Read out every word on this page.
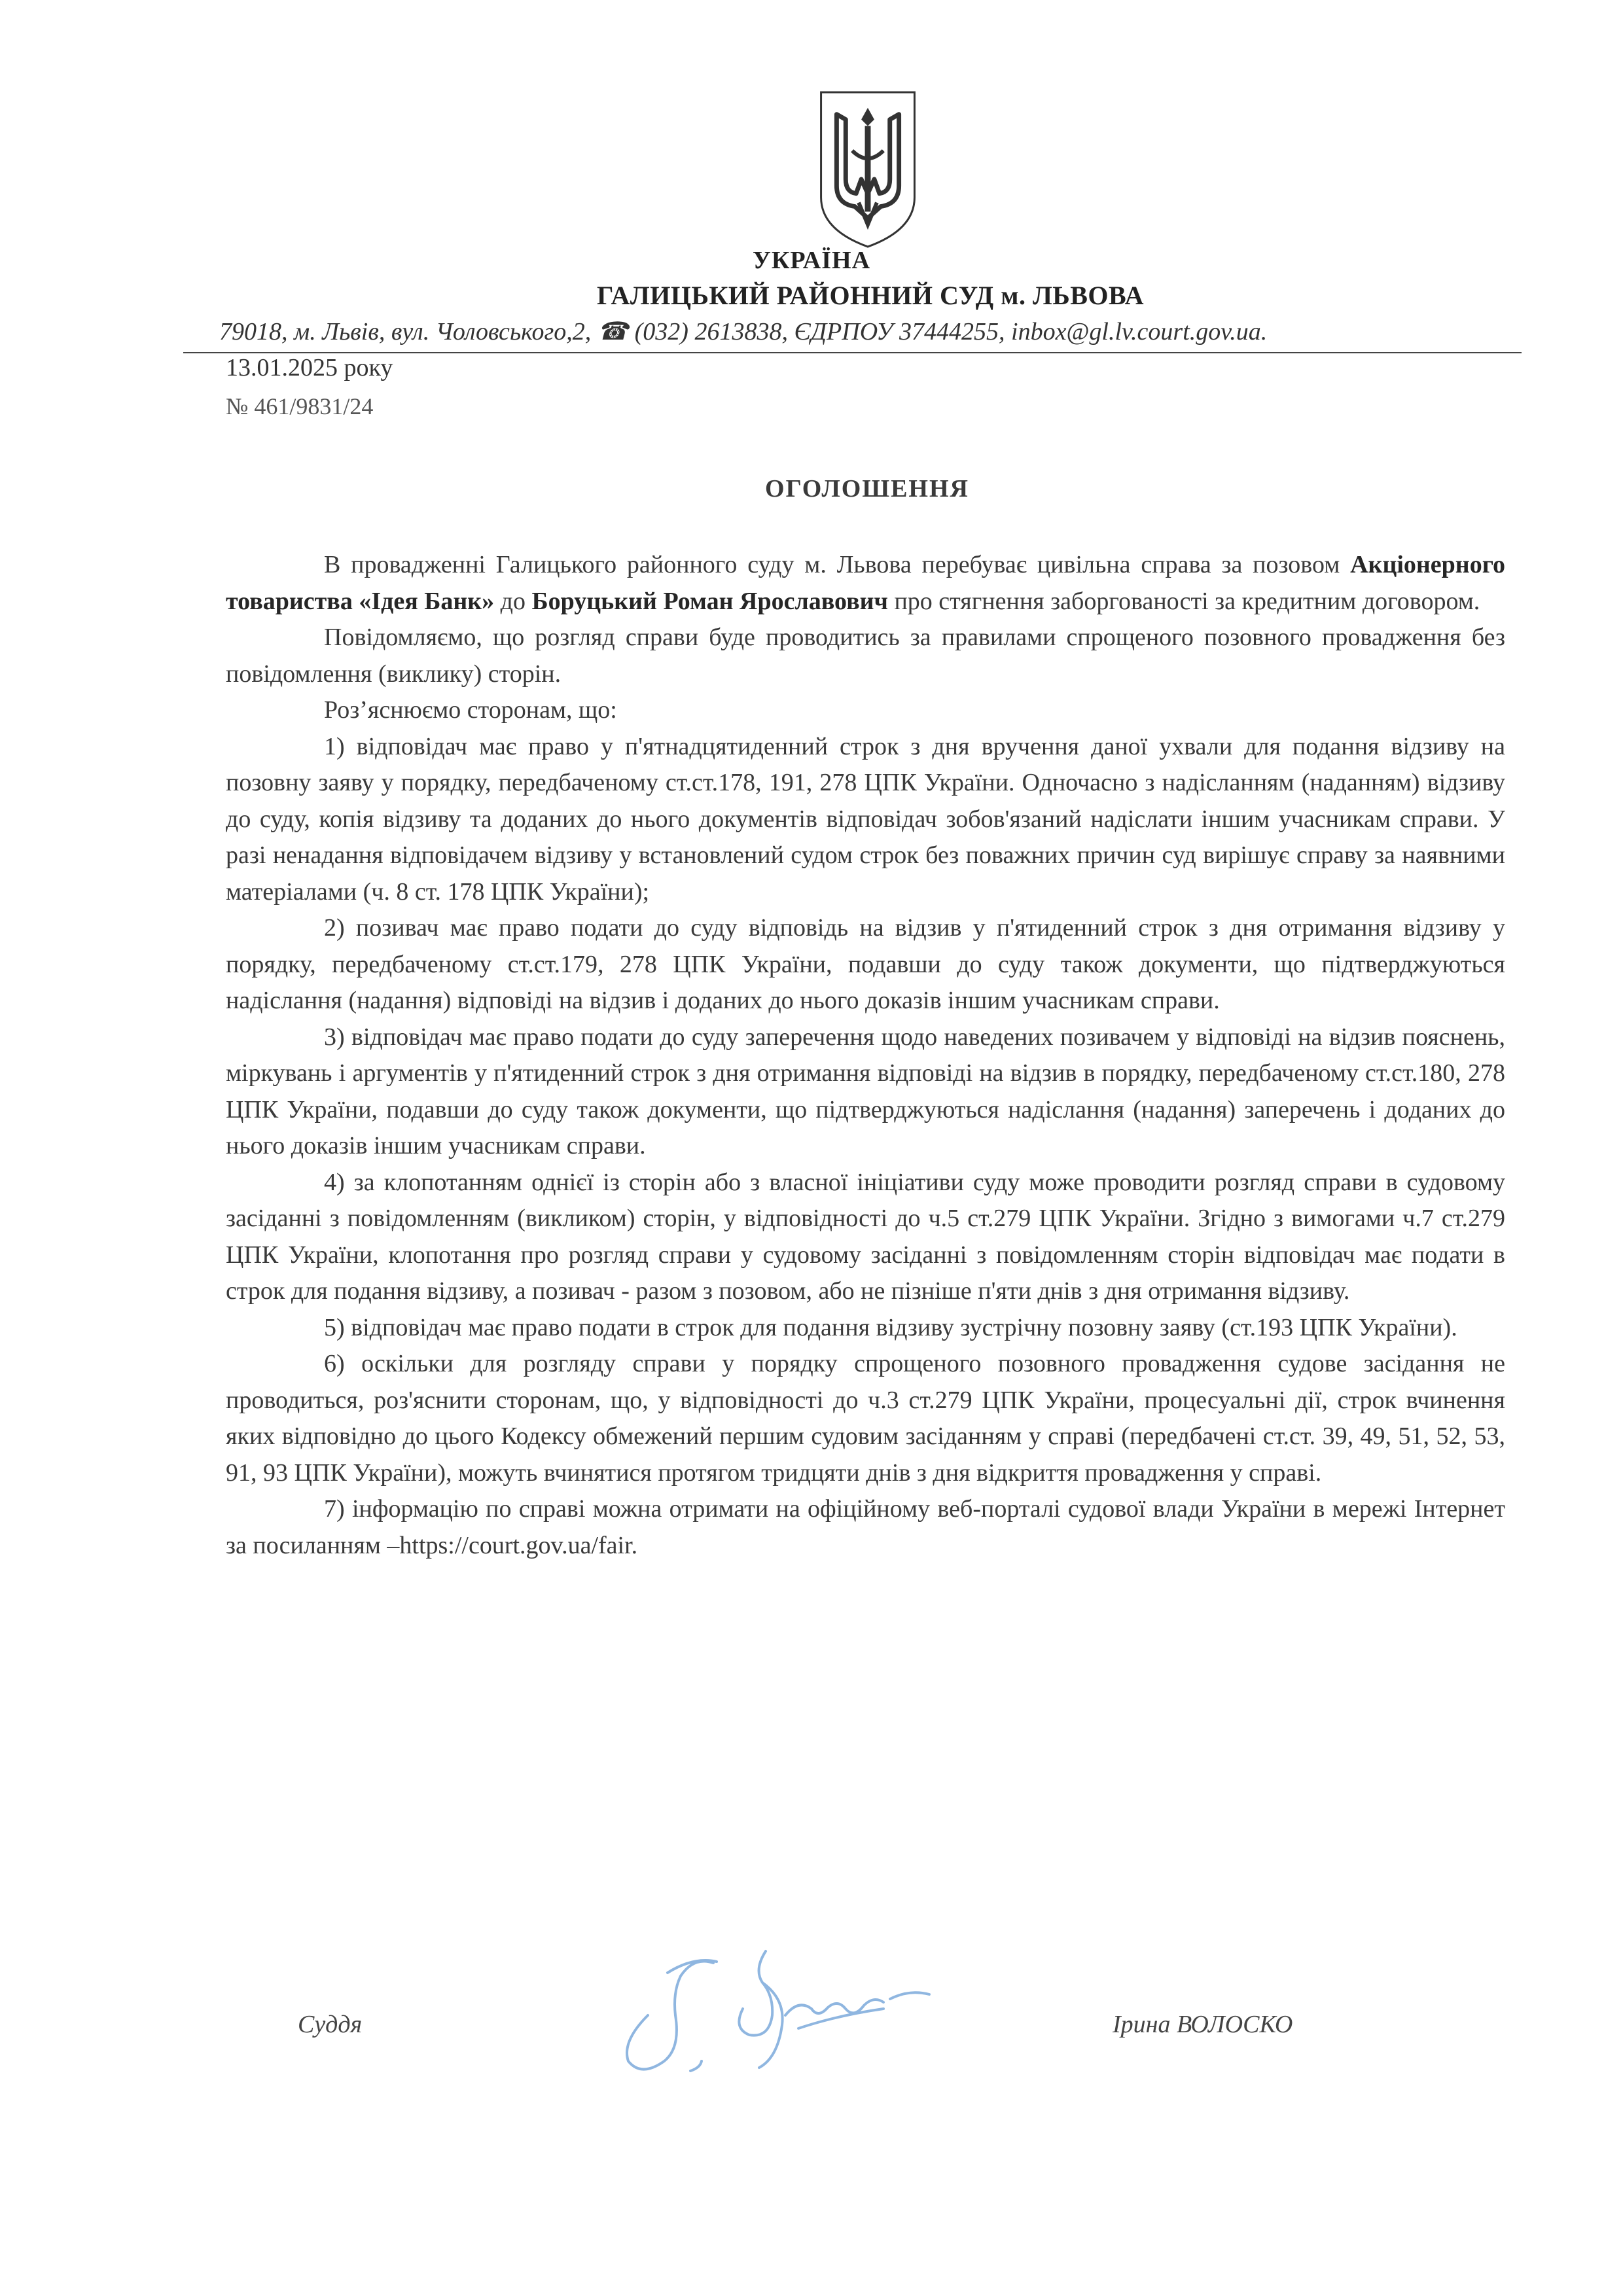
УКРАЇНА
ГАЛИЦЬКИЙ РАЙОННИЙ СУД м. ЛЬВОВА
79018, м. Львів, вул. Чоловського,2, ☎ (032) 2613838, ЄДРПОУ 37444255, inbox@gl.lv.court.gov.ua.
13.01.2025 року
№ 461/9831/24
ОГОЛОШЕННЯ

В провадженні Галицького районного суду м. Львова перебуває цивільна справа за позовом Акціонерного товариства «Ідея Банк» до Боруцький Роман Ярославович про стягнення заборгованості за кредитним договором.

Повідомляємо, що розгляд справи буде проводитись за правилами спрощеного позовного провадження без повідомлення (виклику) сторін.

Роз’яснюємо сторонам, що:

1) відповідач має право у п'ятнадцятиденний строк з дня вручення даної ухвали для подання відзиву на позовну заяву у порядку, передбаченому ст.ст.178, 191, 278 ЦПК України. Одночасно з надісланням (наданням) відзиву до суду, копія відзиву та доданих до нього документів відповідач зобов'язаний надіслати іншим учасникам справи. У разі ненадання відповідачем відзиву у встановлений судом строк без поважних причин суд вирішує справу за наявними матеріалами (ч. 8 ст. 178 ЦПК України);

2) позивач має право подати до суду відповідь на відзив у п'ятиденний строк з дня отримання відзиву у порядку, передбаченому ст.ст.179, 278 ЦПК України, подавши до суду також документи, що підтверджуються надіслання (надання) відповіді на відзив і доданих до нього доказів іншим учасникам справи.

3) відповідач має право подати до суду заперечення щодо наведених позивачем у відповіді на відзив пояснень, міркувань і аргументів у п'ятиденний строк з дня отримання відповіді на відзив в порядку, передбаченому ст.ст.180, 278 ЦПК України, подавши до суду також документи, що підтверджуються надіслання (надання) заперечень і доданих до нього доказів іншим учасникам справи.

4) за клопотанням однієї із сторін або з власної ініціативи суду може проводити розгляд справи в судовому засіданні з повідомленням (викликом) сторін, у відповідності до ч.5 ст.279 ЦПК України. Згідно з вимогами ч.7 ст.279 ЦПК України, клопотання про розгляд справи у судовому засіданні з повідомленням сторін відповідач має подати в строк для подання відзиву, а позивач - разом з позовом, або не пізніше п'яти днів з дня отримання відзиву.

5) відповідач має право подати в строк для подання відзиву зустрічну позовну заяву (ст.193 ЦПК України).

6) оскільки для розгляду справи у порядку спрощеного позовного провадження судове засідання не проводиться, роз'яснити сторонам, що, у відповідності до ч.3 ст.279 ЦПК України, процесуальні дії, строк вчинення яких відповідно до цього Кодексу обмежений першим судовим засіданням у справі (передбачені ст.ст. 39, 49, 51, 52, 53, 91, 93 ЦПК України), можуть вчинятися протягом тридцяти днів з дня відкриття провадження у справі.

7) інформацію по справі можна отримати на офіційному веб-порталі судової влади України в мережі Інтернет за посиланням –https://court.gov.ua/fair.

Суддя	Ірина ВОЛОСКО
